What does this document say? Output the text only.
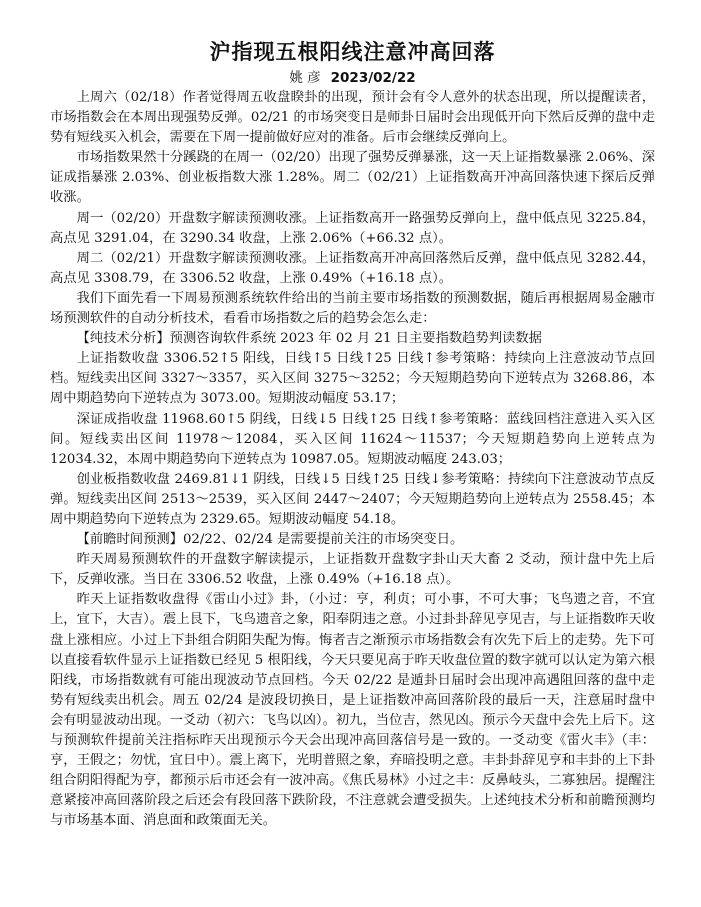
沪指现五根阳线注意冲高回落
姚 彦 2023/02/22

上周六（02/18）作者觉得周五收盘睽卦的出现，预计会有令人意外的状态出现，所以提醒读者，市场指数会在本周出现强势反弹。02/21 的市场突变日是师卦日届时会出现低开向下然后反弹的盘中走势有短线买入机会，需要在下周一提前做好应对的准备。后市会继续反弹向上。

市场指数果然十分蹊跷的在周一（02/20）出现了强势反弹暴涨，这一天上证指数暴涨 2.06%、深证成指暴涨 2.03%、创业板指数大涨 1.28%。周二（02/21）上证指数高开冲高回落快速下探后反弹收涨。

周一（02/20）开盘数字解读预测收涨。上证指数高开一路强势反弹向上，盘中低点见 3225.84，高点见 3291.04，在 3290.34 收盘，上涨 2.06%（+66.32 点）。

周二（02/21）开盘数字解读预测收涨。上证指数高开冲高回落然后反弹，盘中低点见 3282.44，高点见 3308.79，在 3306.52 收盘，上涨 0.49%（+16.18 点）。

我们下面先看一下周易预测系统软件给出的当前主要市场指数的预测数据，随后再根据周易金融市场预测软件的自动分析技术，看看市场指数之后的趋势会怎么走：

【纯技术分析】预测咨询软件系统 2023 年 02 月 21 日主要指数趋势判读数据

上证指数收盘 3306.52↑5 阳线，日线↑5 日线↑25 日线↑参考策略：持续向上注意波动节点回档。短线卖出区间 3327～3357，买入区间 3275～3252；今天短期趋势向下逆转点为 3268.86，本周中期趋势向下逆转点为 3073.00。短期波动幅度 53.17；

深证成指收盘 11968.60↑5 阴线，日线↓5 日线↑25 日线↑参考策略：蓝线回档注意进入买入区间。短线卖出区间 11978～12084，买入区间 11624～11537；今天短期趋势向上逆转点为 12034.32，本周中期趋势向下逆转点为 10987.05。短期波动幅度 243.03；

创业板指数收盘 2469.81↓1 阴线，日线↓5 日线↑25 日线↓参考策略：持续向下注意波动节点反弹。短线卖出区间 2513～2539，买入区间 2447～2407；今天短期趋势向上逆转点为 2558.45；本周中期趋势向下逆转点为 2329.65。短期波动幅度 54.18。

【前瞻时间预测】02/22、02/24 是需要提前关注的市场突变日。

昨天周易预测软件的开盘数字解读提示，上证指数开盘数字卦山天大畜 2 爻动，预计盘中先上后下，反弹收涨。当日在 3306.52 收盘，上涨 0.49%（+16.18 点）。

昨天上证指数收盘得《雷山小过》卦，（小过：亨，利贞；可小事，不可大事；飞鸟遗之音，不宜上，宜下，大吉）。震上艮下，飞鸟遗音之象，阳奉阴违之意。小过卦卦辞见亨见吉，与上证指数昨天收盘上涨相应。小过上下卦组合阴阳失配为悔。悔者吉之渐预示市场指数会有次先下后上的走势。先下可以直接看软件显示上证指数已经见 5 根阳线，今天只要见高于昨天收盘位置的数字就可以认定为第六根阳线，市场指数就有可能出现波动节点回档。今天 02/22 是遁卦日届时会出现冲高遇阻回落的盘中走势有短线卖出机会。周五 02/24 是波段切换日，是上证指数冲高回落阶段的最后一天，注意届时盘中会有明显波动出现。一爻动（初六：飞鸟以凶）。初九，当位吉，然见凶。预示今天盘中会先上后下。这与预测软件提前关注指标昨天出现预示今天会出现冲高回落信号是一致的。一爻动变《雷火丰》（丰：亨，王假之；勿忧，宜日中）。震上离下，光明普照之象，弃暗投明之意。丰卦卦辞见亨和丰卦的上下卦组合阴阳得配为亨，都预示后市还会有一波冲高。《焦氏易林》小过之丰：反鼻岐头，二寡独居。提醒注意紧接冲高回落阶段之后还会有段回落下跌阶段，不注意就会遭受损失。上述纯技术分析和前瞻预测均与市场基本面、消息面和政策面无关。
